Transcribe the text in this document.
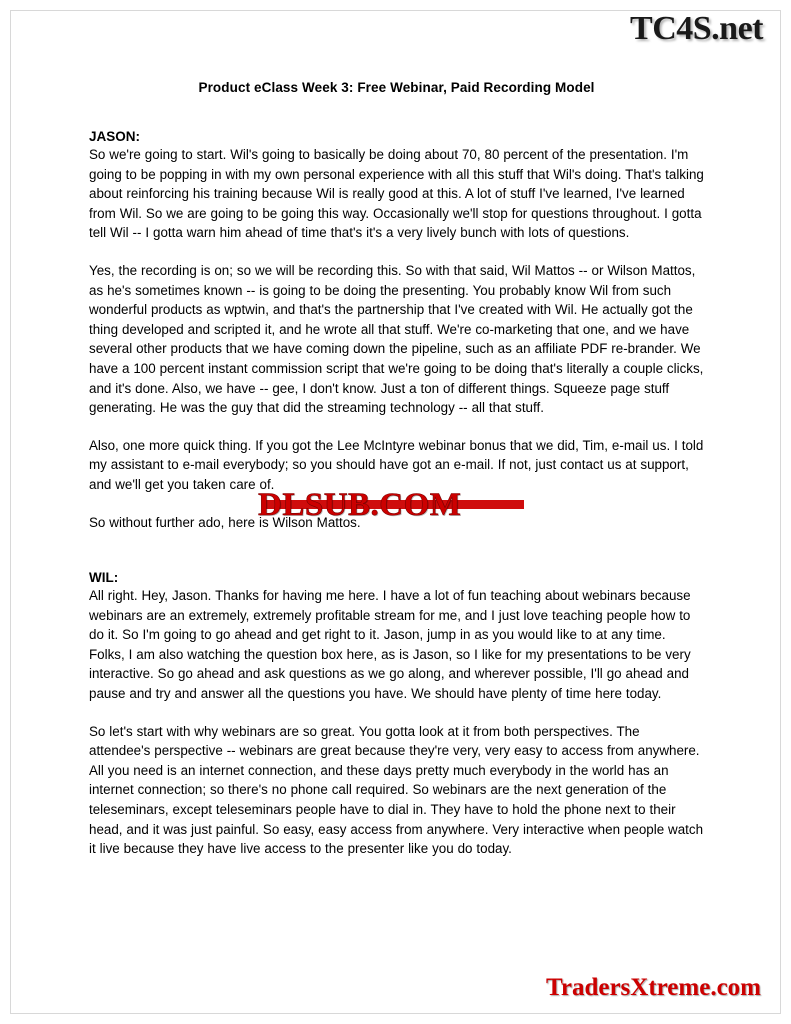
TC4S.net
Product eClass Week 3: Free Webinar, Paid Recording Model
JASON:

So we're going to start. Wil's going to basically be doing about 70, 80 percent of the presentation. I'm going to be popping in with my own personal experience with all this stuff that Wil's doing. That's talking about reinforcing his training because Wil is really good at this. A lot of stuff I've learned, I've learned from Wil. So we are going to be going this way. Occasionally we'll stop for questions throughout. I gotta tell Wil -- I gotta warn him ahead of time that's it's a very lively bunch with lots of questions.

Yes, the recording is on; so we will be recording this. So with that said, Wil Mattos -- or Wilson Mattos, as he's sometimes known -- is going to be doing the presenting. You probably know Wil from such wonderful products as wptwin, and that's the partnership that I've created with Wil. He actually got the thing developed and scripted it, and he wrote all that stuff. We're co-marketing that one, and we have several other products that we have coming down the pipeline, such as an affiliate PDF re-brander. We have a 100 percent instant commission script that we're going to be doing that's literally a couple clicks, and it's done. Also, we have -- gee, I don't know. Just a ton of different things. Squeeze page stuff generating. He was the guy that did the streaming technology -- all that stuff.

Also, one more quick thing. If you got the Lee McIntyre webinar bonus that we did, Tim, e-mail us. I told my assistant to e-mail everybody; so you should have got an e-mail. If not, just contact us at support, and we'll get you taken care of.

So without further ado, here is Wilson Mattos.

WIL:

All right. Hey, Jason. Thanks for having me here. I have a lot of fun teaching about webinars because webinars are an extremely, extremely profitable stream for me, and I just love teaching people how to do it. So I'm going to go ahead and get right to it. Jason, jump in as you would like to at any time. Folks, I am also watching the question box here, as is Jason, so I like for my presentations to be very interactive. So go ahead and ask questions as we go along, and wherever possible, I'll go ahead and pause and try and answer all the questions you have. We should have plenty of time here today.

So let's start with why webinars are so great. You gotta look at it from both perspectives. The attendee's perspective -- webinars are great because they're very, very easy to access from anywhere. All you need is an internet connection, and these days pretty much everybody in the world has an internet connection; so there's no phone call required. So webinars are the next generation of the teleseminars, except teleseminars people have to dial in. They have to hold the phone next to their head, and it was just painful. So easy, easy access from anywhere. Very interactive when people watch it live because they have live access to the presenter like you do today.

DLSUB.COM
TradersXtreme.com
